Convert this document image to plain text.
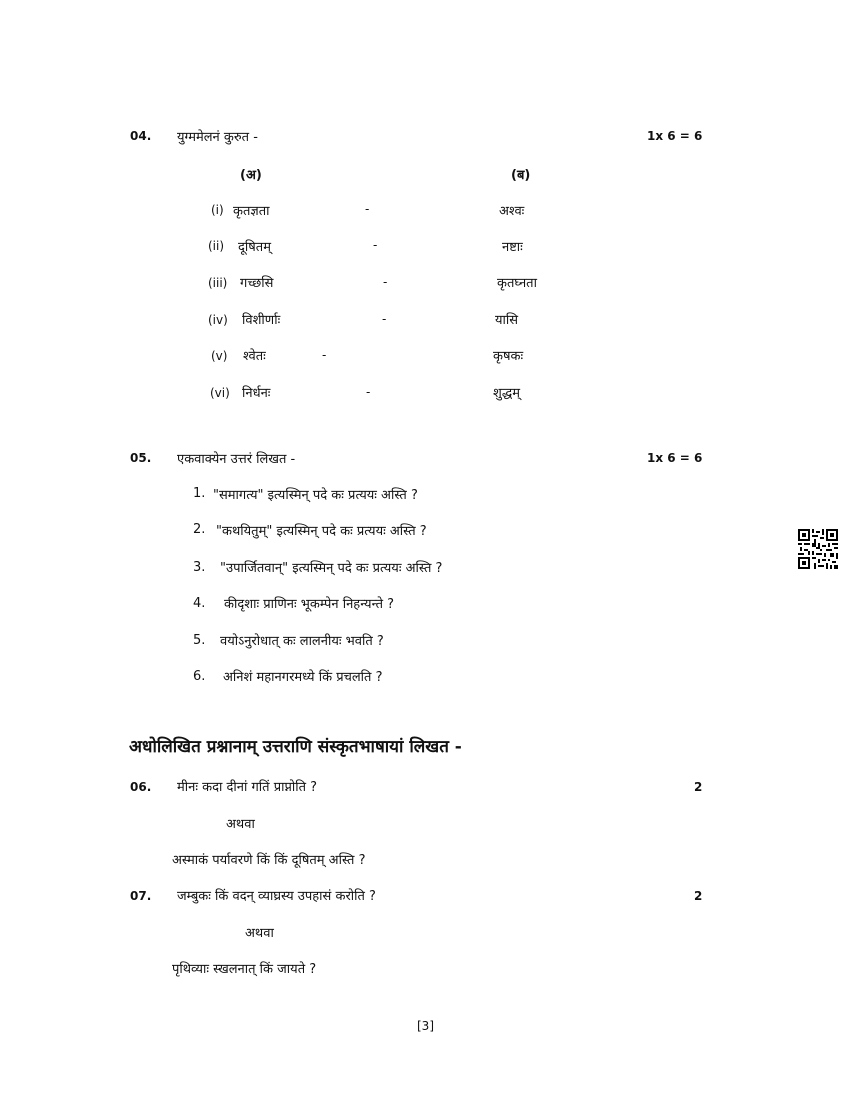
04. युग्ममेलनं कुरुत -	1x 6 = 6
(अ)	(ब)
(i) कृतज्ञता	-	अश्वः
(ii) दूषितम्	-	नष्टाः
(iii) गच्छसि	-	कृतघ्नता
(iv) विशीर्णाः	-	यासि
(v) श्वेतः	-	कृषकः
(vi) निर्धनः	-	शुद्धम्
05. एकवाक्येन उत्तरं लिखत -	1x 6 = 6
1. "समागत्य" इत्यस्मिन् पदे कः प्रत्ययः अस्ति ?
2. "कथयितुम्" इत्यस्मिन् पदे कः प्रत्ययः अस्ति ?
3. "उपार्जितवान्" इत्यस्मिन् पदे कः प्रत्ययः अस्ति ?
4. कीदृशाः प्राणिनः भूकम्पेन निहन्यन्ते ?
5. वयोऽनुरोधात् कः लालनीयः भवति ?
6. अनिशं महानगरमध्ये किं प्रचलति ?
अधोलिखित प्रश्नानाम् उत्तराणि संस्कृतभाषायां लिखत -
06. मीनः कदा दीनां गतिं प्राप्नोति ?	2
अथवा
अस्माकं पर्यावरणे किं किं दूषितम् अस्ति ?
07. जम्बुकः किं वदन् व्याघ्रस्य उपहासं करोति ?	2
अथवा
पृथिव्याः स्खलनात् किं जायते ?
[3]
